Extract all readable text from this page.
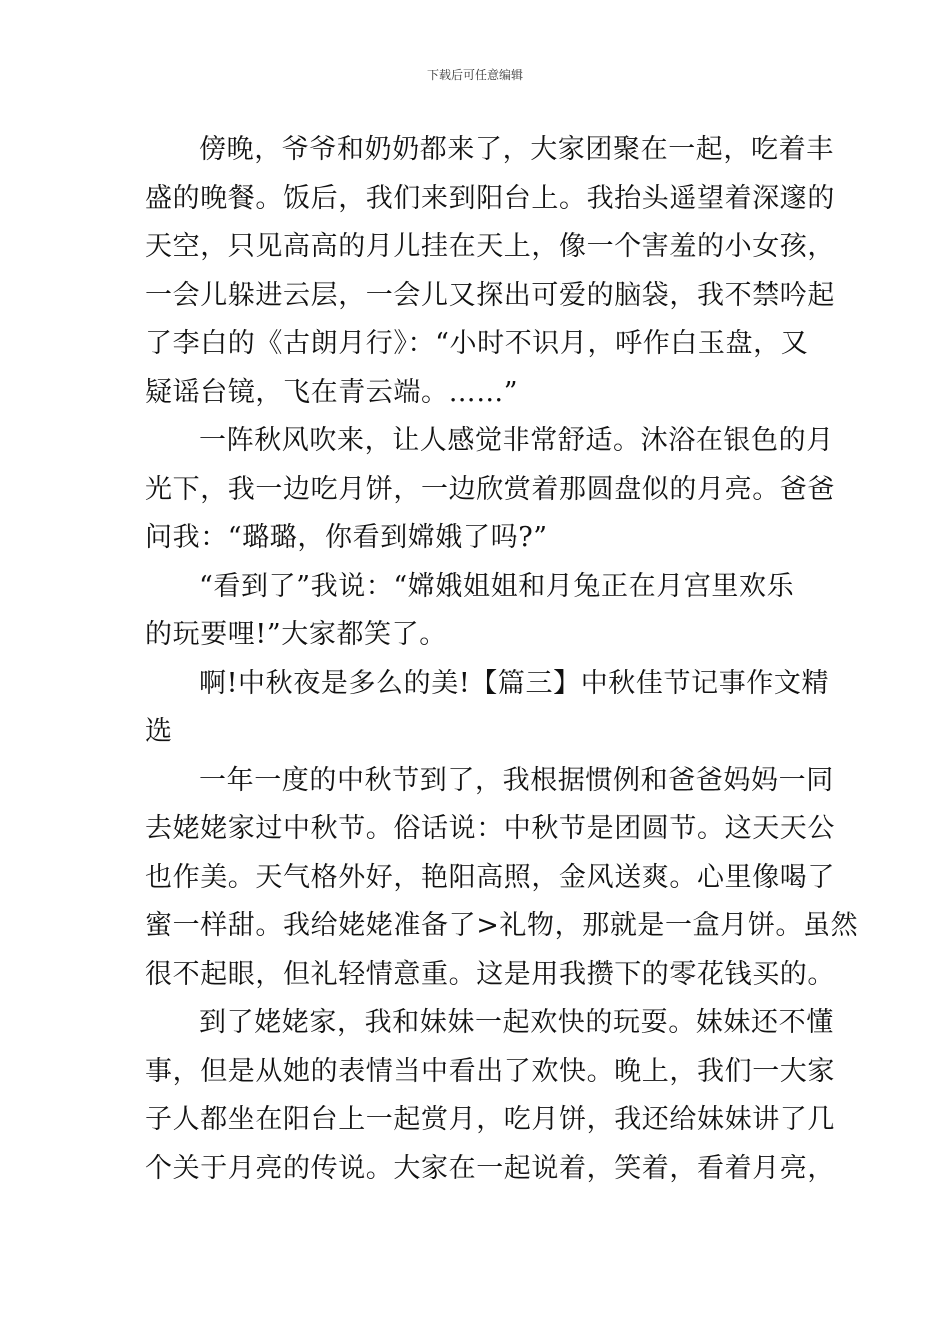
下载后可任意编辑
傍晚，爷爷和奶奶都来了，大家团聚在一起，吃着丰
盛的晚餐。饭后，我们来到阳台上。我抬头遥望着深邃的
天空，只见高高的月儿挂在天上，像一个害羞的小女孩，
一会儿躲进云层，一会儿又探出可爱的脑袋，我不禁吟起
了李白的《古朗月行》：“小时不识月，呼作白玉盘，又
疑谣台镜，飞在青云端。……”
一阵秋风吹来，让人感觉非常舒适。沐浴在银色的月
光下，我一边吃月饼，一边欣赏着那圆盘似的月亮。爸爸
问我：“璐璐，你看到嫦娥了吗?”
“看到了”我说：“嫦娥姐姐和月兔正在月宫里欢乐
的玩要哩!”大家都笑了。
啊!中秋夜是多么的美!【篇三】中秋佳节记事作文精
选
一年一度的中秋节到了，我根据惯例和爸爸妈妈一同
去姥姥家过中秋节。俗话说：中秋节是团圆节。这天天公
也作美。天气格外好，艳阳高照，金风送爽。心里像喝了
蜜一样甜。我给姥姥准备了>礼物，那就是一盒月饼。虽然
很不起眼，但礼轻情意重。这是用我攒下的零花钱买的。
到了姥姥家，我和妹妹一起欢快的玩耍。妹妹还不懂
事，但是从她的表情当中看出了欢快。晚上，我们一大家
子人都坐在阳台上一起赏月，吃月饼，我还给妹妹讲了几
个关于月亮的传说。大家在一起说着，笑着，看着月亮，
